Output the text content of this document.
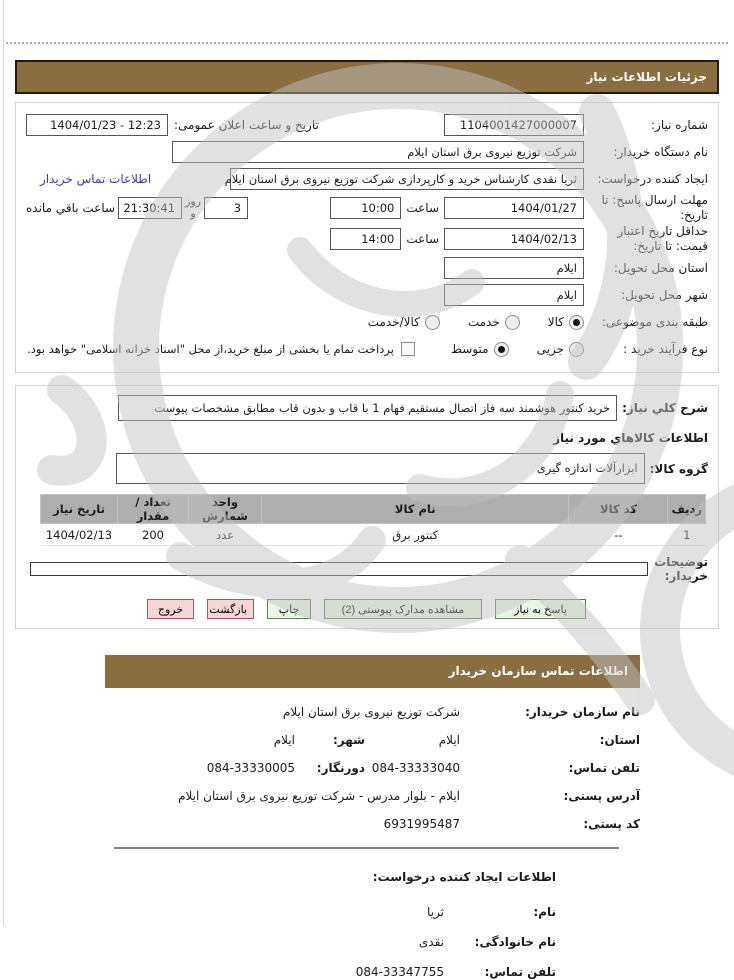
جزئیات اطلاعات نیاز
شماره نیاز:
1104001427000007
تاریخ و ساعت اعلان عمومی:
12:23 - 1404/01/23
نام دستگاه خریدار:
شرکت توزیع نیروی برق استان ایلام
ایجاد کننده درخواست:
ثریا نقدی کارشناس خرید و کارپردازی شرکت توزیع نیروی برق استان ایلام
اطلاعات تماس خریدار
مهلت ارسال پاسخ: تا تاریخ:
1404/01/27
ساعت
10:00
3
روز و
21:30:41
ساعت باقي مانده
حداقل تاریخ اعتبار قیمت: تا تاریخ:
1404/02/13
ساعت
14:00
استان محل تحویل:
ایلام
شهر محل تحویل:
ایلام
طبقه بندی موضوعی:
کالا
خدمت
کالا/خدمت
نوع فرآیند خرید :
جزیی
متوسط
پرداخت تمام یا بخشی از مبلغ خرید،از محل "اسناد خزانه اسلامی" خواهد بود.
شرح کلي نیاز:
خرید کنتور هوشمند سه فاز اتصال مستقیم فهام 1 با قاب و بدون قاب مطابق مشخصات پیوست
اطلاعات کالاهاي مورد نیاز
گروه کالا:
ابزارآلات اندازه گیری
ردیف	کد کالا	نام کالا	واحد شمارش	تعداد / مقدار	تاریخ نیاز
1	--	کنتور برق	عدد	200	1404/02/13
توضیحات خریدار:
پاسخ به نیاز
مشاهده مدارک پیوستی (2)
چاپ
بازگشت
خروج
اطلاعات تماس سازمان خریدار
نام سازمان خریدار:
شرکت توزیع نیروی برق استان ایلام
استان:
ایلام
شهر:
ایلام
تلفن تماس:
084-33333040
دورنگار:
084-33330005
آدرس پستی:
ایلام - بلوار مدرس - شرکت توزیع نیروی برق استان ایلام
کد پستی:
6931995487
اطلاعات ایجاد کننده درخواست:
نام:
ثریا
نام خانوادگی:
نقدی
تلفن تماس:
084-33347755
